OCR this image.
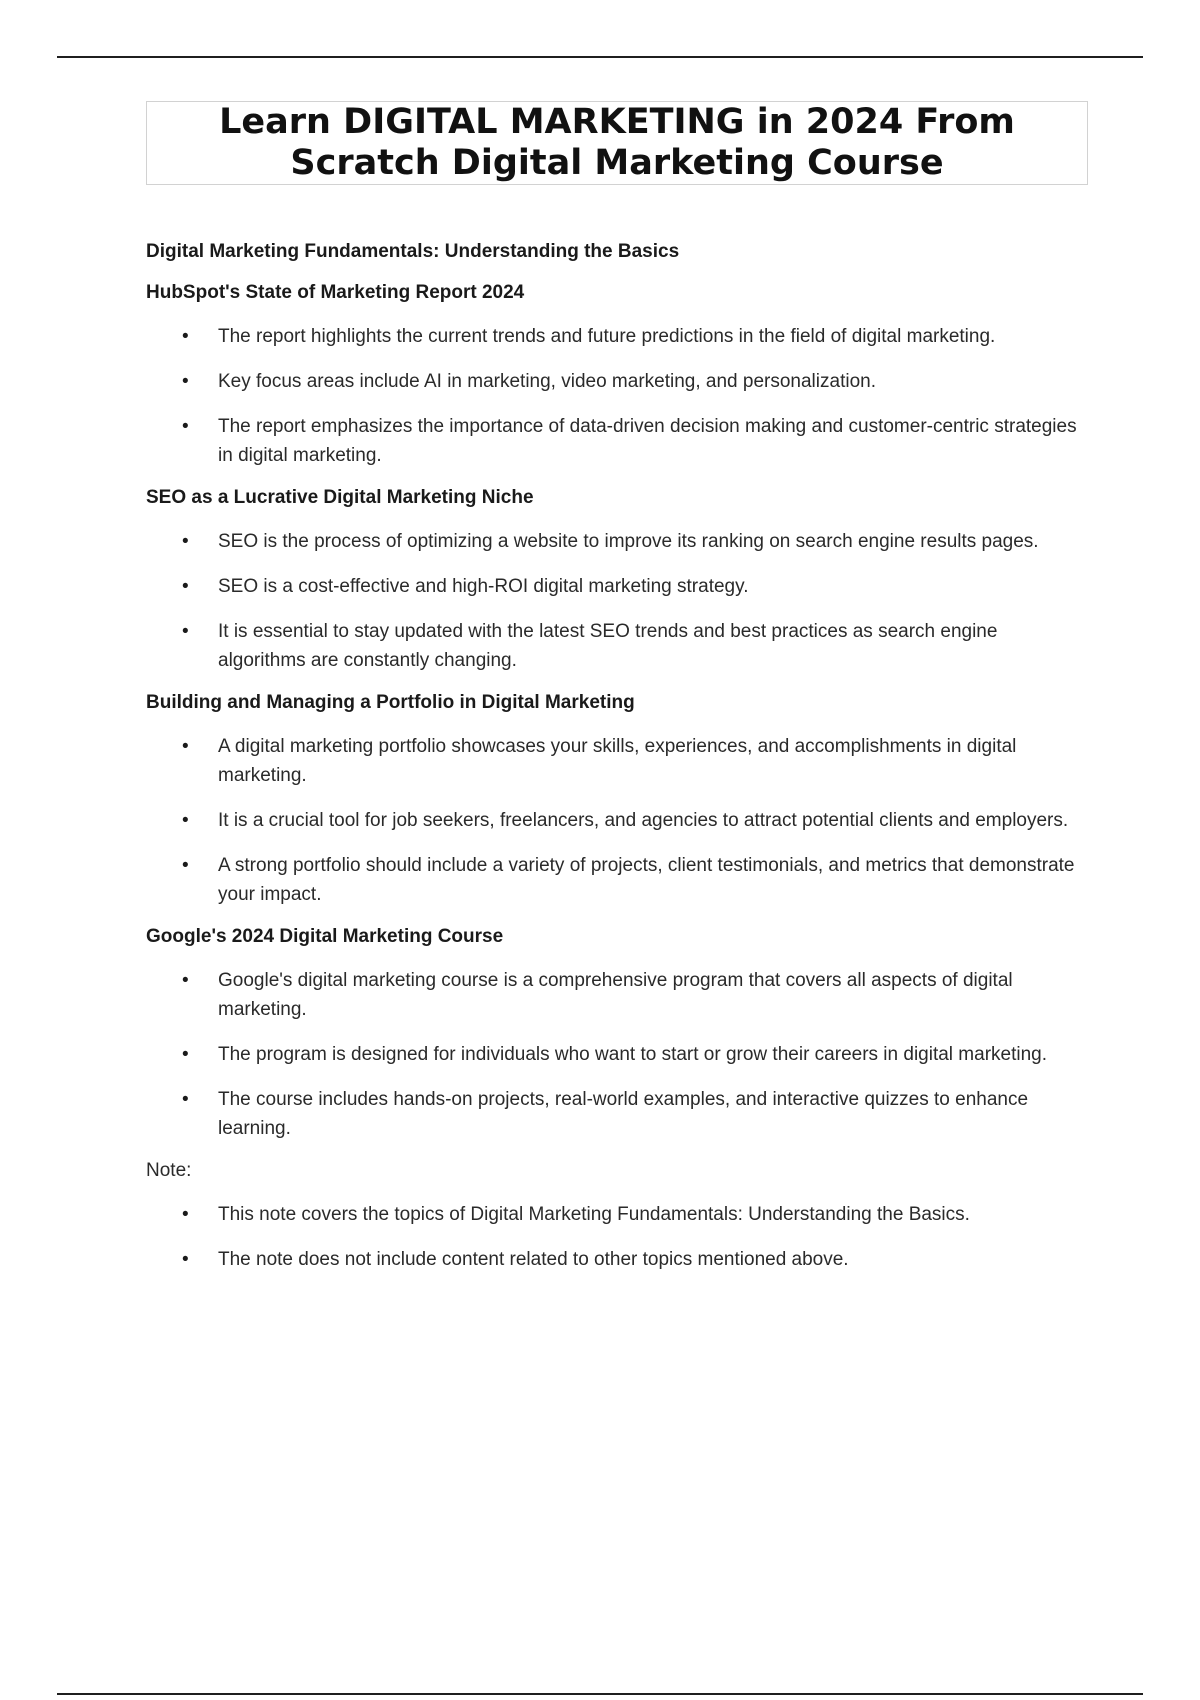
Learn DIGITAL MARKETING in 2024 From Scratch Digital Marketing Course

Digital Marketing Fundamentals: Understanding the Basics

HubSpot's State of Marketing Report 2024

• The report highlights the current trends and future predictions in the field of digital marketing.
• Key focus areas include AI in marketing, video marketing, and personalization.
• The report emphasizes the importance of data-driven decision making and customer-centric strategies in digital marketing.

SEO as a Lucrative Digital Marketing Niche

• SEO is the process of optimizing a website to improve its ranking on search engine results pages.
• SEO is a cost-effective and high-ROI digital marketing strategy.
• It is essential to stay updated with the latest SEO trends and best practices as search engine algorithms are constantly changing.

Building and Managing a Portfolio in Digital Marketing

• A digital marketing portfolio showcases your skills, experiences, and accomplishments in digital marketing.
• It is a crucial tool for job seekers, freelancers, and agencies to attract potential clients and employers.
• A strong portfolio should include a variety of projects, client testimonials, and metrics that demonstrate your impact.

Google's 2024 Digital Marketing Course

• Google's digital marketing course is a comprehensive program that covers all aspects of digital marketing.
• The program is designed for individuals who want to start or grow their careers in digital marketing.
• The course includes hands-on projects, real-world examples, and interactive quizzes to enhance learning.

Note:

• This note covers the topics of Digital Marketing Fundamentals: Understanding the Basics.
• The note does not include content related to other topics mentioned above.
